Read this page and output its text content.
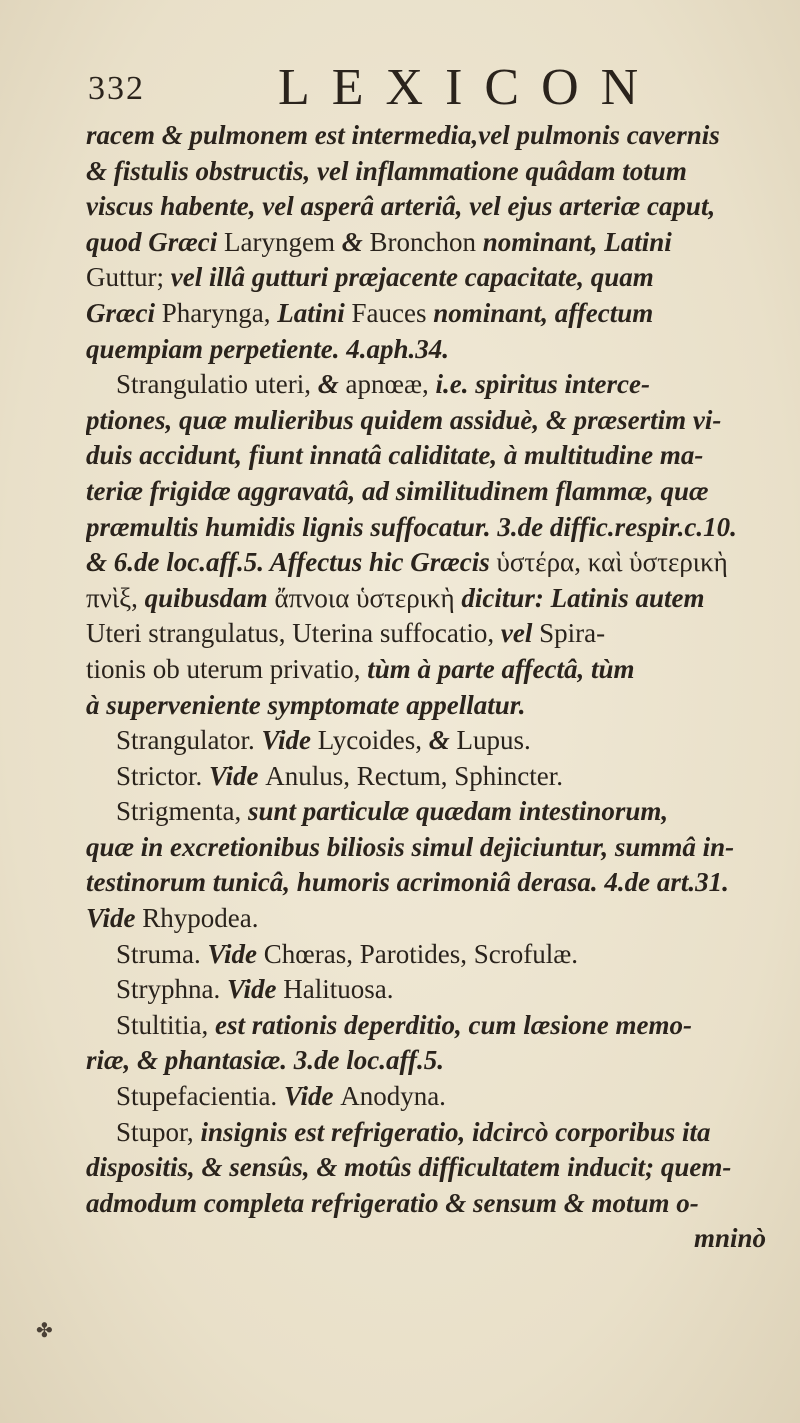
332	LEXICON
racem & pulmonem est intermedia,vel pulmonis cavernis
& fistulis obstructis, vel inflammatione quâdam totum
viscus habente, vel asperâ arteriâ, vel ejus arteriæ caput,
quod Græci Laryngem & Bronchon nominant, Latini
Guttur; vel illâ gutturi præjacente capacitate, quam
Græci Pharynga, Latini Fauces nominant, affectum
quempiam perpetiente. 4.aph.34.
Strangulatio uteri, & apnœæ, i.e. spiritus interce-
ptiones, quæ mulieribus quidem assiduè, & præsertim vi-
duis accidunt, fiunt innatâ caliditate, à multitudine ma-
teriæ frigidæ aggravatâ, ad similitudinem flammæ, quæ
præmultis humidis lignis suffocatur. 3.de diffic.respir.c.10.
& 6.de loc.aff.5. Affectus hic Græcis ὑστέρα, καὶ ὑστερικὴ
πνὶξ, quibusdam ἄπνοια ὑστερικὴ dicitur: Latinis autem
Uteri strangulatus, Uterina suffocatio, vel Spira-
tionis ob uterum privatio, tùm à parte affectâ, tùm
à superveniente symptomate appellatur.
Strangulator. Vide Lycoides, & Lupus.
Strictor. Vide Anulus, Rectum, Sphincter.
Strigmenta, sunt particulæ quædam intestinorum,
quæ in excretionibus biliosis simul dejiciuntur, summâ in-
testinorum tunicâ, humoris acrimoniâ derasa. 4.de art.31.
Vide Rhypodea.
Struma. Vide Chœras, Parotides, Scrofulæ.
Stryphna. Vide Halituosa.
Stultitia, est rationis deperditio, cum læsione memo-
riæ, & phantasiæ. 3.de loc.aff.5.
Stupefacientia. Vide Anodyna.
Stupor, insignis est refrigeratio, idcircò corporibus ita
dispositis, & sensûs, & motûs difficultatem inducit; quem-
admodum completa refrigeratio & sensum & motum o-
mninò
✤
